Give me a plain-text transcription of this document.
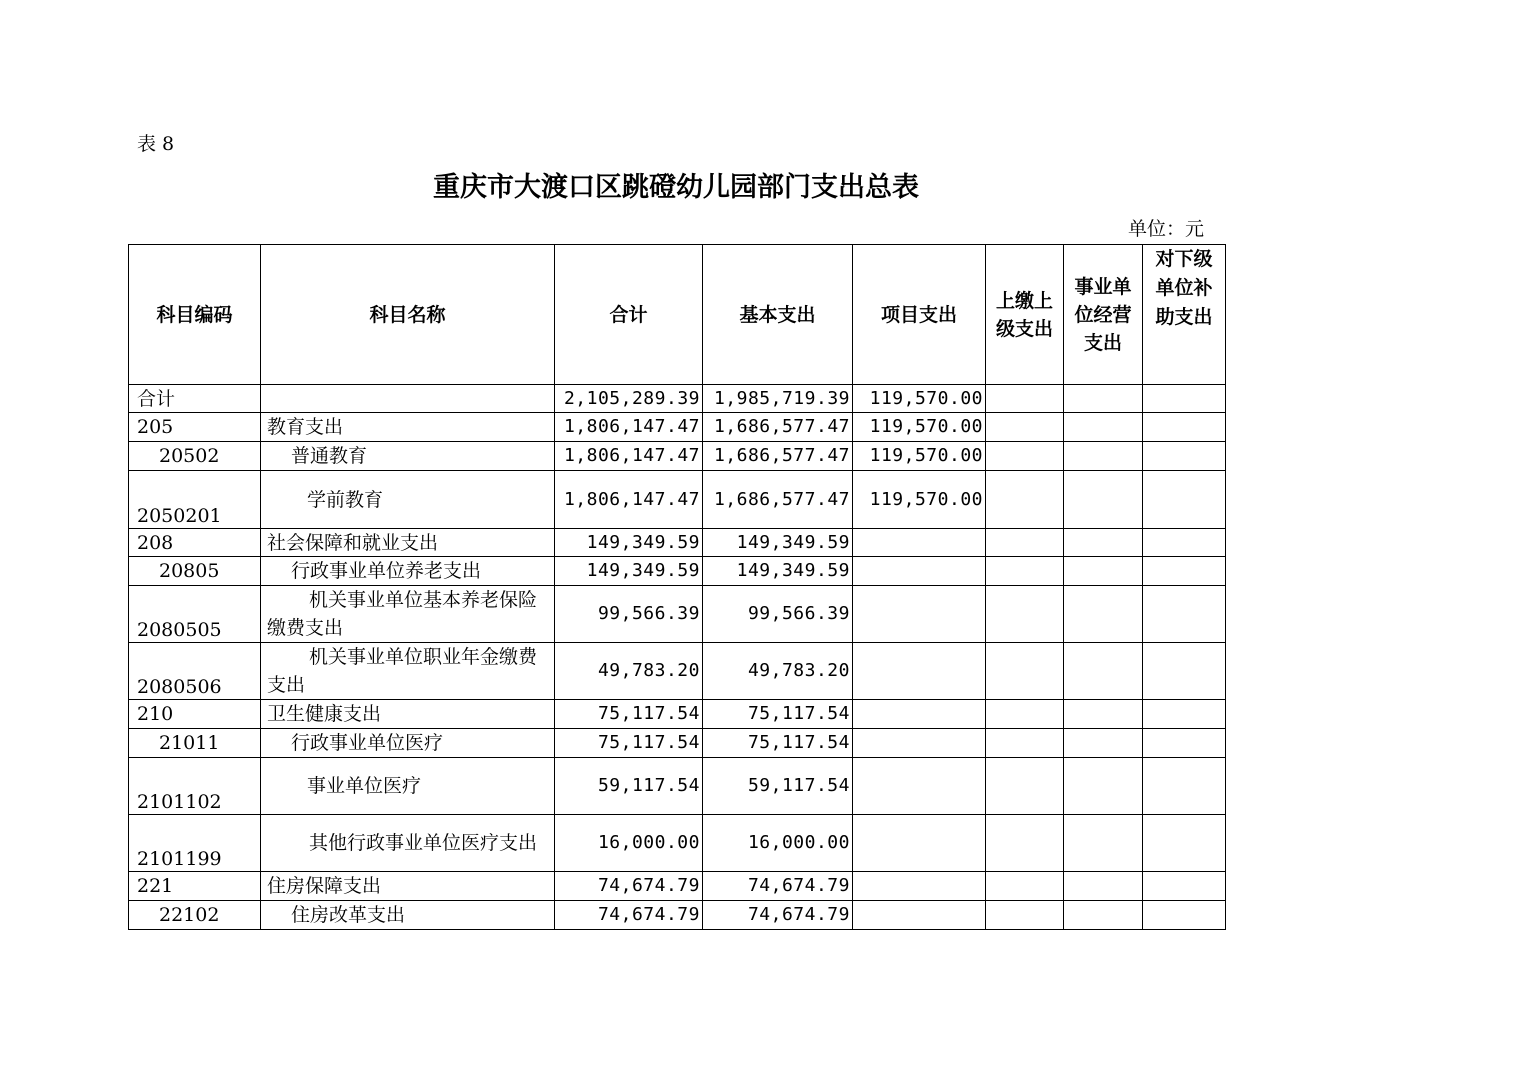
表 8
重庆市大渡口区跳磴幼儿园部门支出总表
单位：元
科目编码	科目名称	合计	基本支出	项目支出	上缴上级支出	事业单位经营支出	对下级单位补助支出
合计		2,105,289.39	1,985,719.39	119,570.00			
205	教育支出	1,806,147.47	1,686,577.47	119,570.00			
20502	普通教育	1,806,147.47	1,686,577.47	119,570.00			
2050201	学前教育	1,806,147.47	1,686,577.47	119,570.00			
208	社会保障和就业支出	149,349.59	149,349.59				
20805	行政事业单位养老支出	149,349.59	149,349.59				
2080505	机关事业单位基本养老保险缴费支出	99,566.39	99,566.39				
2080506	机关事业单位职业年金缴费支出	49,783.20	49,783.20				
210	卫生健康支出	75,117.54	75,117.54				
21011	行政事业单位医疗	75,117.54	75,117.54				
2101102	事业单位医疗	59,117.54	59,117.54				
2101199	其他行政事业单位医疗支出	16,000.00	16,000.00				
221	住房保障支出	74,674.79	74,674.79				
22102	住房改革支出	74,674.79	74,674.79				
